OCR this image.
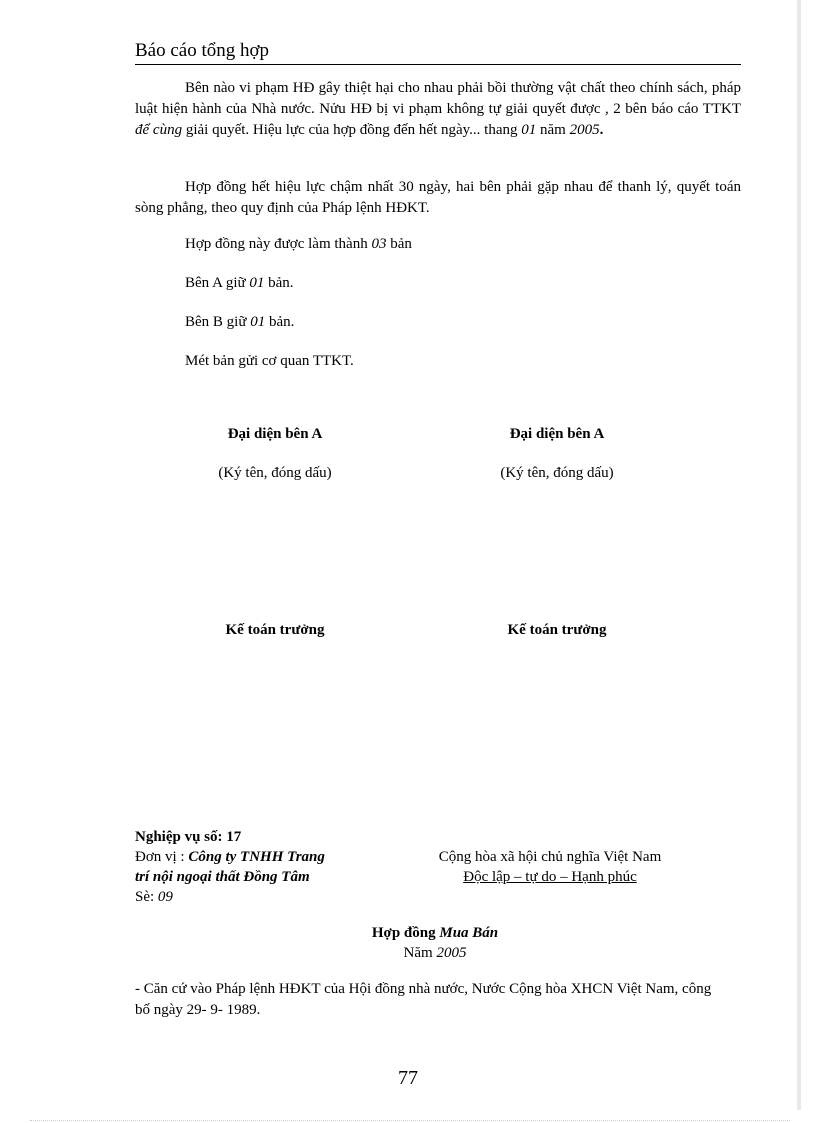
Báo cáo tổng hợp
Bên nào vi phạm HĐ gây thiệt hại cho nhau phải bồi thường vật chất theo chính sách, pháp luật hiện hành của Nhà nước. Nửu HĐ bị vi phạm không tự giải quyết được , 2 bên báo cáo TTKT để cùng giải quyết. Hiệu lực của hợp đồng đến hết ngày... thang 01 năm 2005.
Hợp đồng hết hiệu lực chậm nhất 30 ngày, hai bên phải gặp nhau để thanh lý, quyết toán sòng phẳng, theo quy định của Pháp lệnh HĐKT.
Hợp đồng này được làm thành 03 bản
Bên A giữ 01 bản.
Bên B giữ 01 bản.
Mét bản gửi cơ quan TTKT.
Đại diện bên A
(Ký tên, đóng dấu)
Đại diện bên A
(Ký tên, đóng dấu)
Kế toán trưởng	Kế toán trưởng
Nghiệp vụ số: 17
Đơn vị : Công ty TNHH Trang
trí nội ngoại thất Đồng Tâm
Sè: 09
Cộng hòa xã hội chủ nghĩa Việt Nam
Độc lập – tự do – Hạnh phúc
Hợp đồng Mua Bán
Năm 2005
- Căn cứ vào Pháp lệnh HĐKT của Hội đồng nhà nước, Nước Cộng hòa XHCN Việt Nam, công bố ngày 29- 9- 1989.
77
